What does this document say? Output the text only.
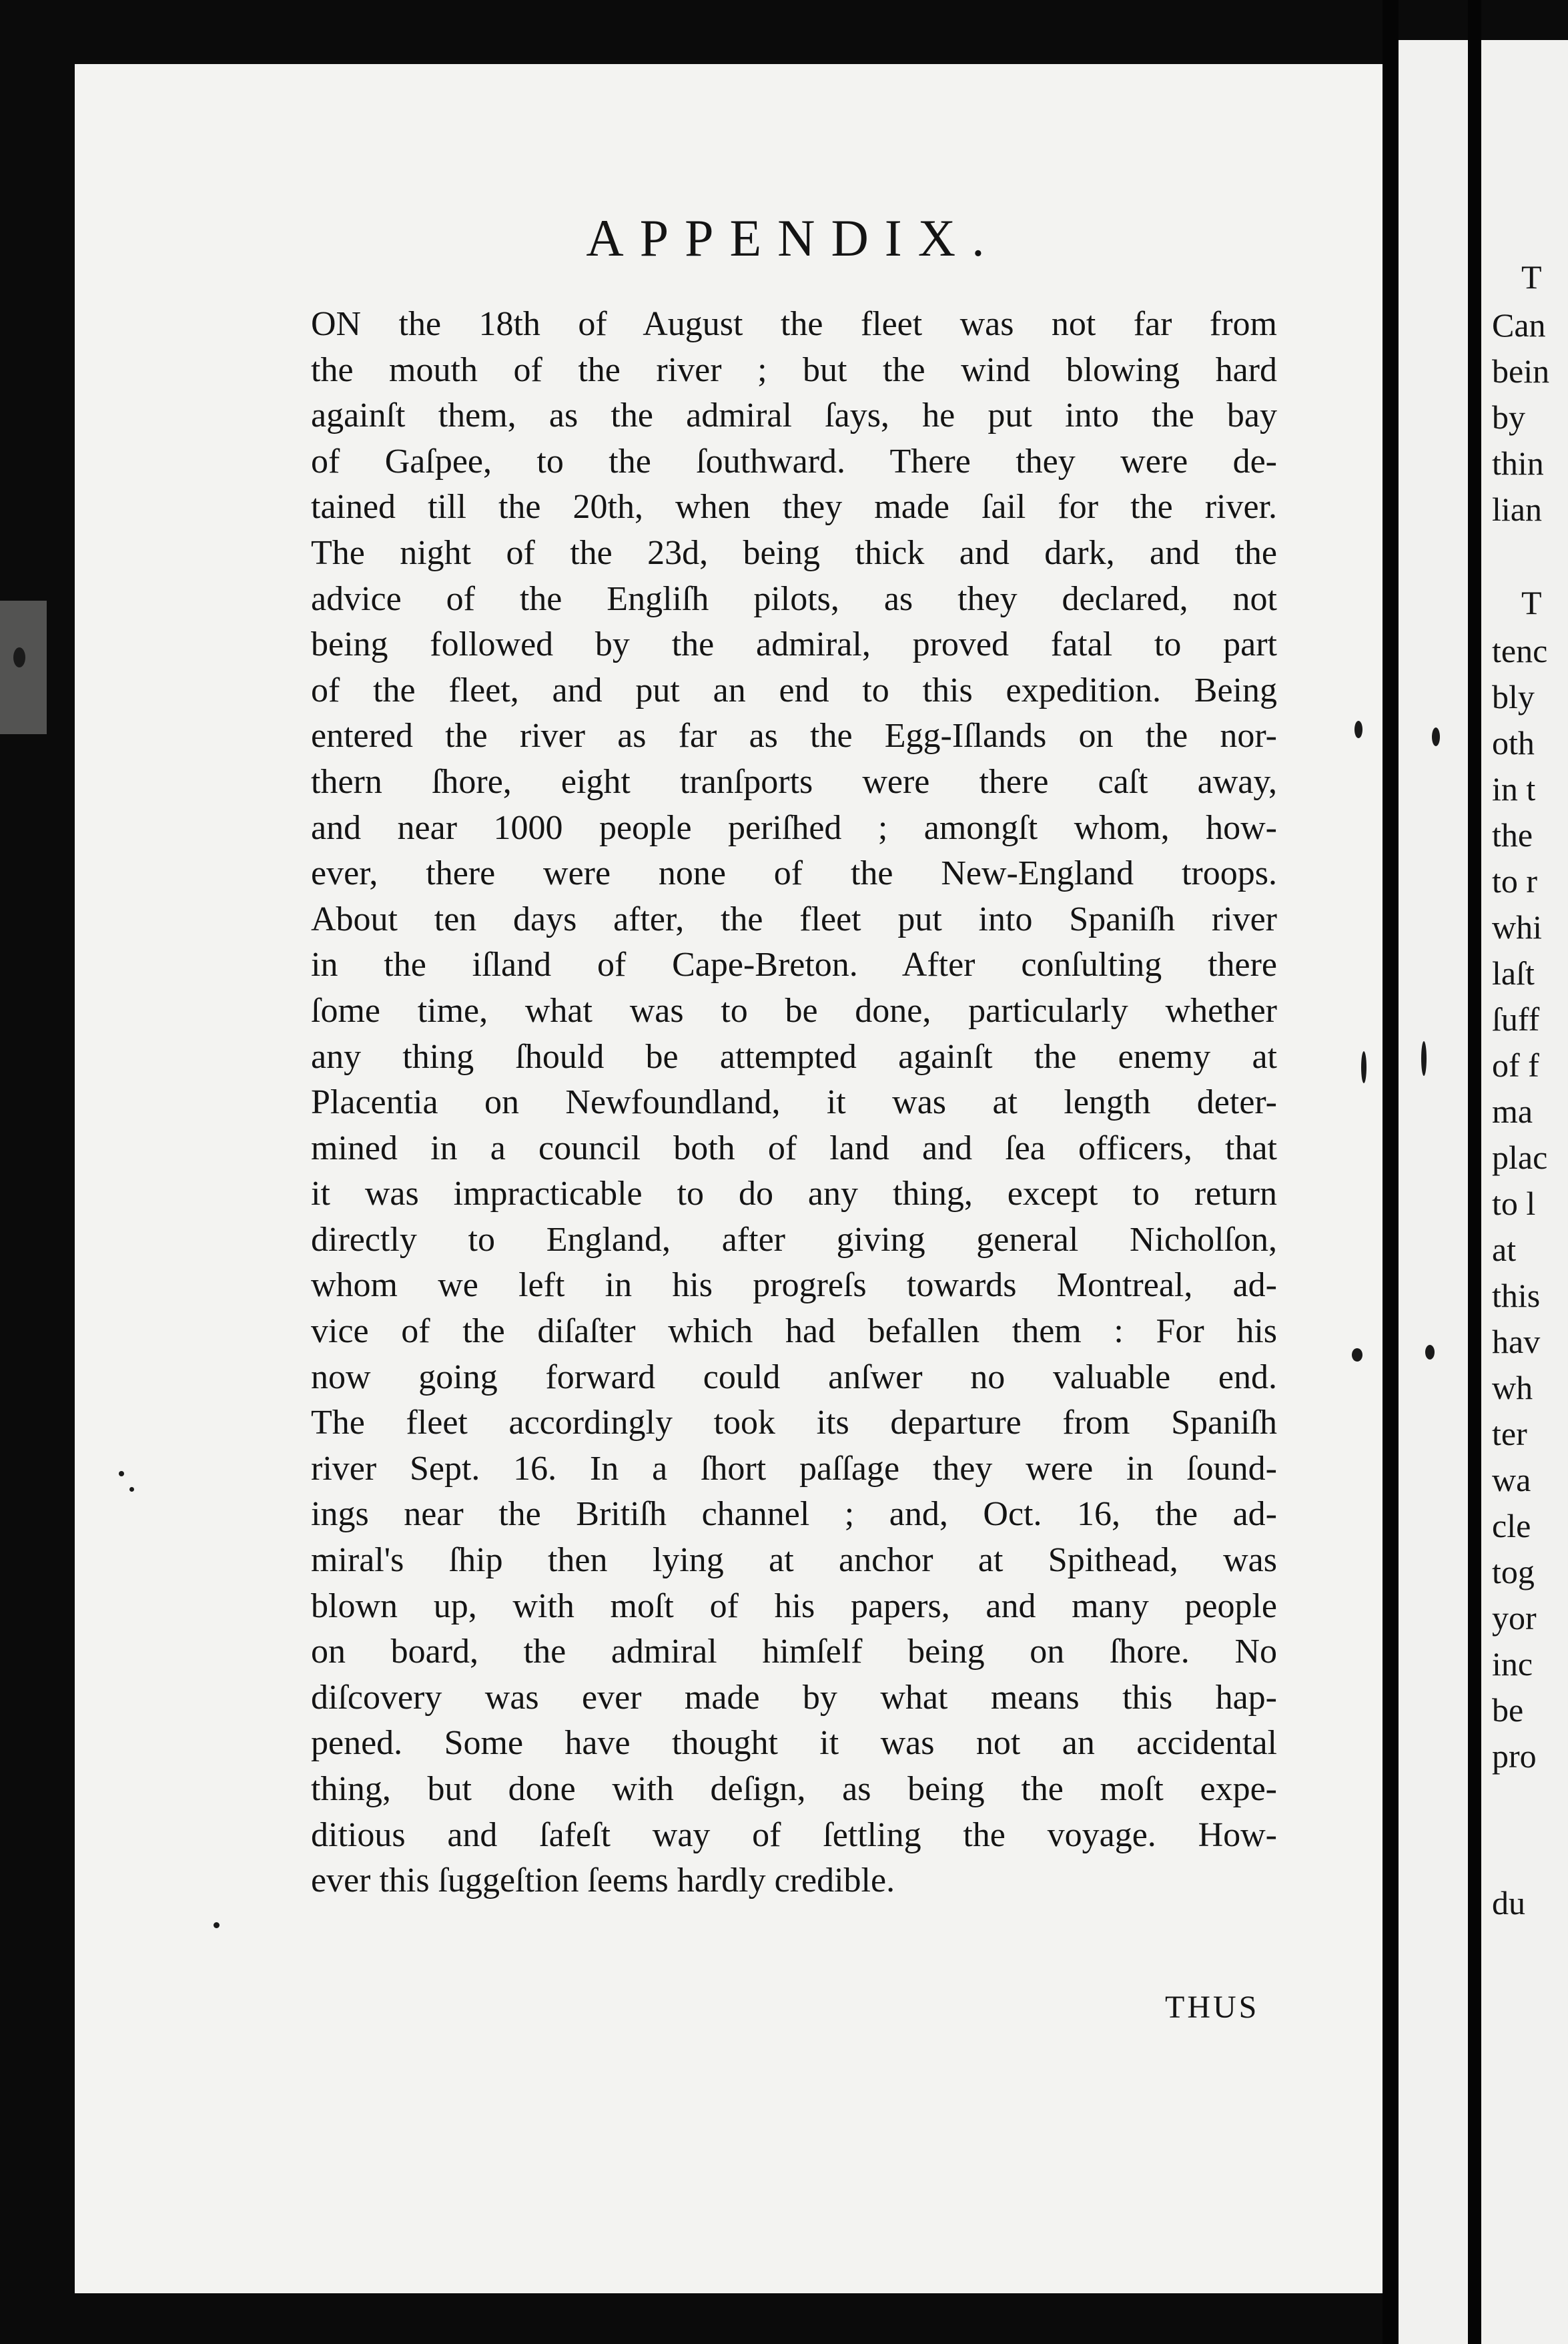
APPENDIX.
ON the 18th of August the fleet was not far from
the mouth of the river ; but the wind blowing hard
againſt them, as the admiral ſays, he put into the bay
of Gaſpee, to the ſouthward. There they were de-
tained till the 20th, when they made ſail for the river.
The night of the 23d, being thick and dark, and the
advice of the Engliſh pilots, as they declared, not
being followed by the admiral, proved fatal to part
of the fleet, and put an end to this expedition. Being
entered the river as far as the Egg-Iſlands on the nor-
thern ſhore, eight tranſports were there caſt away,
and near 1000 people periſhed ; amongſt whom, how-
ever, there were none of the New-England troops.
About ten days after, the fleet put into Spaniſh river
in the iſland of Cape-Breton. After conſulting there
ſome time, what was to be done, particularly whether
any thing ſhould be attempted againſt the enemy at
Placentia on Newfoundland, it was at length deter-
mined in a council both of land and ſea officers, that
it was impracticable to do any thing, except to return
directly to England, after giving general Nicholſon,
whom we left in his progreſs towards Montreal, ad-
vice of the diſaſter which had befallen them : For his
now going forward could anſwer no valuable end.
The fleet accordingly took its departure from Spaniſh
river Sept. 16. In a ſhort paſſage they were in ſound-
ings near the Britiſh channel ; and, Oct. 16, the ad-
miral's ſhip then lying at anchor at Spithead, was
blown up, with moſt of his papers, and many people
on board, the admiral himſelf being on ſhore. No
diſcovery was ever made by what means this hap-
pened. Some have thought it was not an accidental
thing, but done with deſign, as being the moſt expe-
ditious and ſafeſt way of ſettling the voyage. How-
ever this ſuggeſtion ſeems hardly credible.
THUS
T
Can
bein
by
thin
lian
T
tenc
bly
oth
in t
the
to r
whi
laſt
ſuff
of f
ma
plac
to l
at
this
hav
wh
ter
wa
cle
tog
yor
inc
be
pro
du
